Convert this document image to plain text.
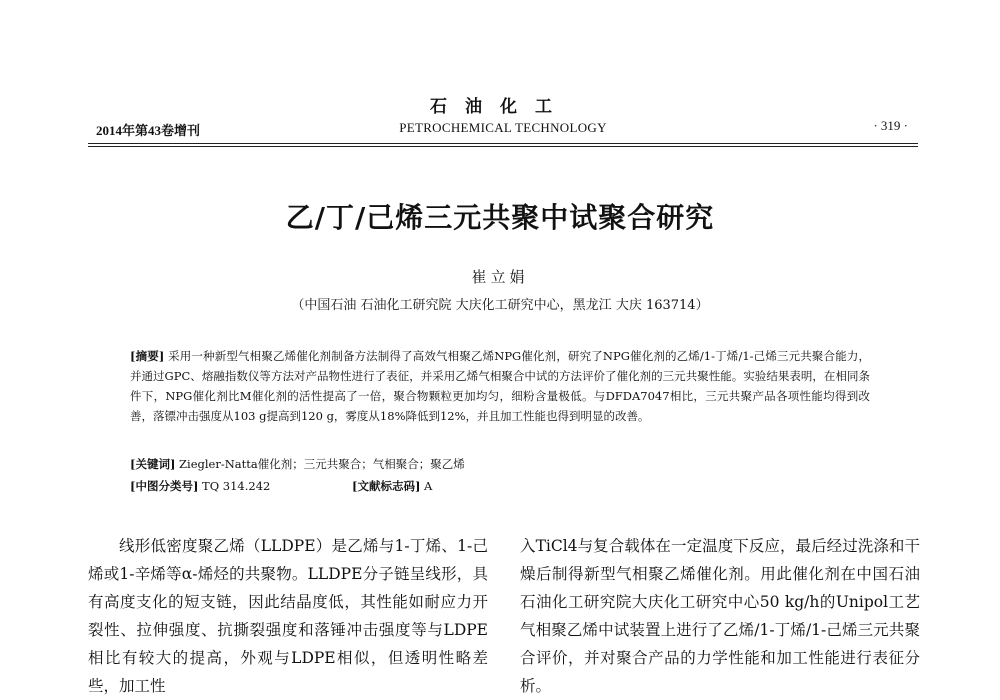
石油化工
2014年第43卷增刊	PETROCHEMICAL TECHNOLOGY	· 319 ·
乙/丁/己烯三元共聚中试聚合研究
崔立娟
（中国石油 石油化工研究院 大庆化工研究中心，黑龙江 大庆 163714）
[摘要] 采用一种新型气相聚乙烯催化剂制备方法制得了高效气相聚乙烯NPG催化剂，研究了NPG催化剂的乙烯/1-丁烯/1-己烯三元共聚合能力，并通过GPC、熔融指数仪等方法对产品物性进行了表征，并采用乙烯气相聚合中试的方法评价了催化剂的三元共聚性能。实验结果表明，在相同条件下，NPG催化剂比M催化剂的活性提高了一倍，聚合物颗粒更加均匀，细粉含量极低。与DFDA7047相比，三元共聚产品各项性能均得到改善，落镖冲击强度从103 g提高到120 g，雾度从18%降低到12%，并且加工性能也得到明显的改善。
[关键词] Ziegler-Natta催化剂；三元共聚合；气相聚合；聚乙烯
[中图分类号] TQ 314.242	[文献标志码] A

线形低密度聚乙烯（LLDPE）是乙烯与1-丁烯、1-己烯或1-辛烯等α-烯烃的共聚物。LLDPE分子链呈线形，具有高度支化的短支链，因此结晶度低，其性能如耐应力开裂性、拉伸强度、抗撕裂强度和落锤冲击强度等与LDPE相比有较大的提高，外观与LDPE相似，但透明性略差些，加工性

入TiCl4与复合载体在一定温度下反应，最后经过洗涤和干燥后制得新型气相聚乙烯催化剂。用此催化剂在中国石油石油化工研究院大庆化工研究中心50 kg/h的Unipol工艺气相聚乙烯中试装置上进行了乙烯/1-丁烯/1-己烯三元共聚合评价，并对聚合产品的力学性能和加工性能进行表征分析。
